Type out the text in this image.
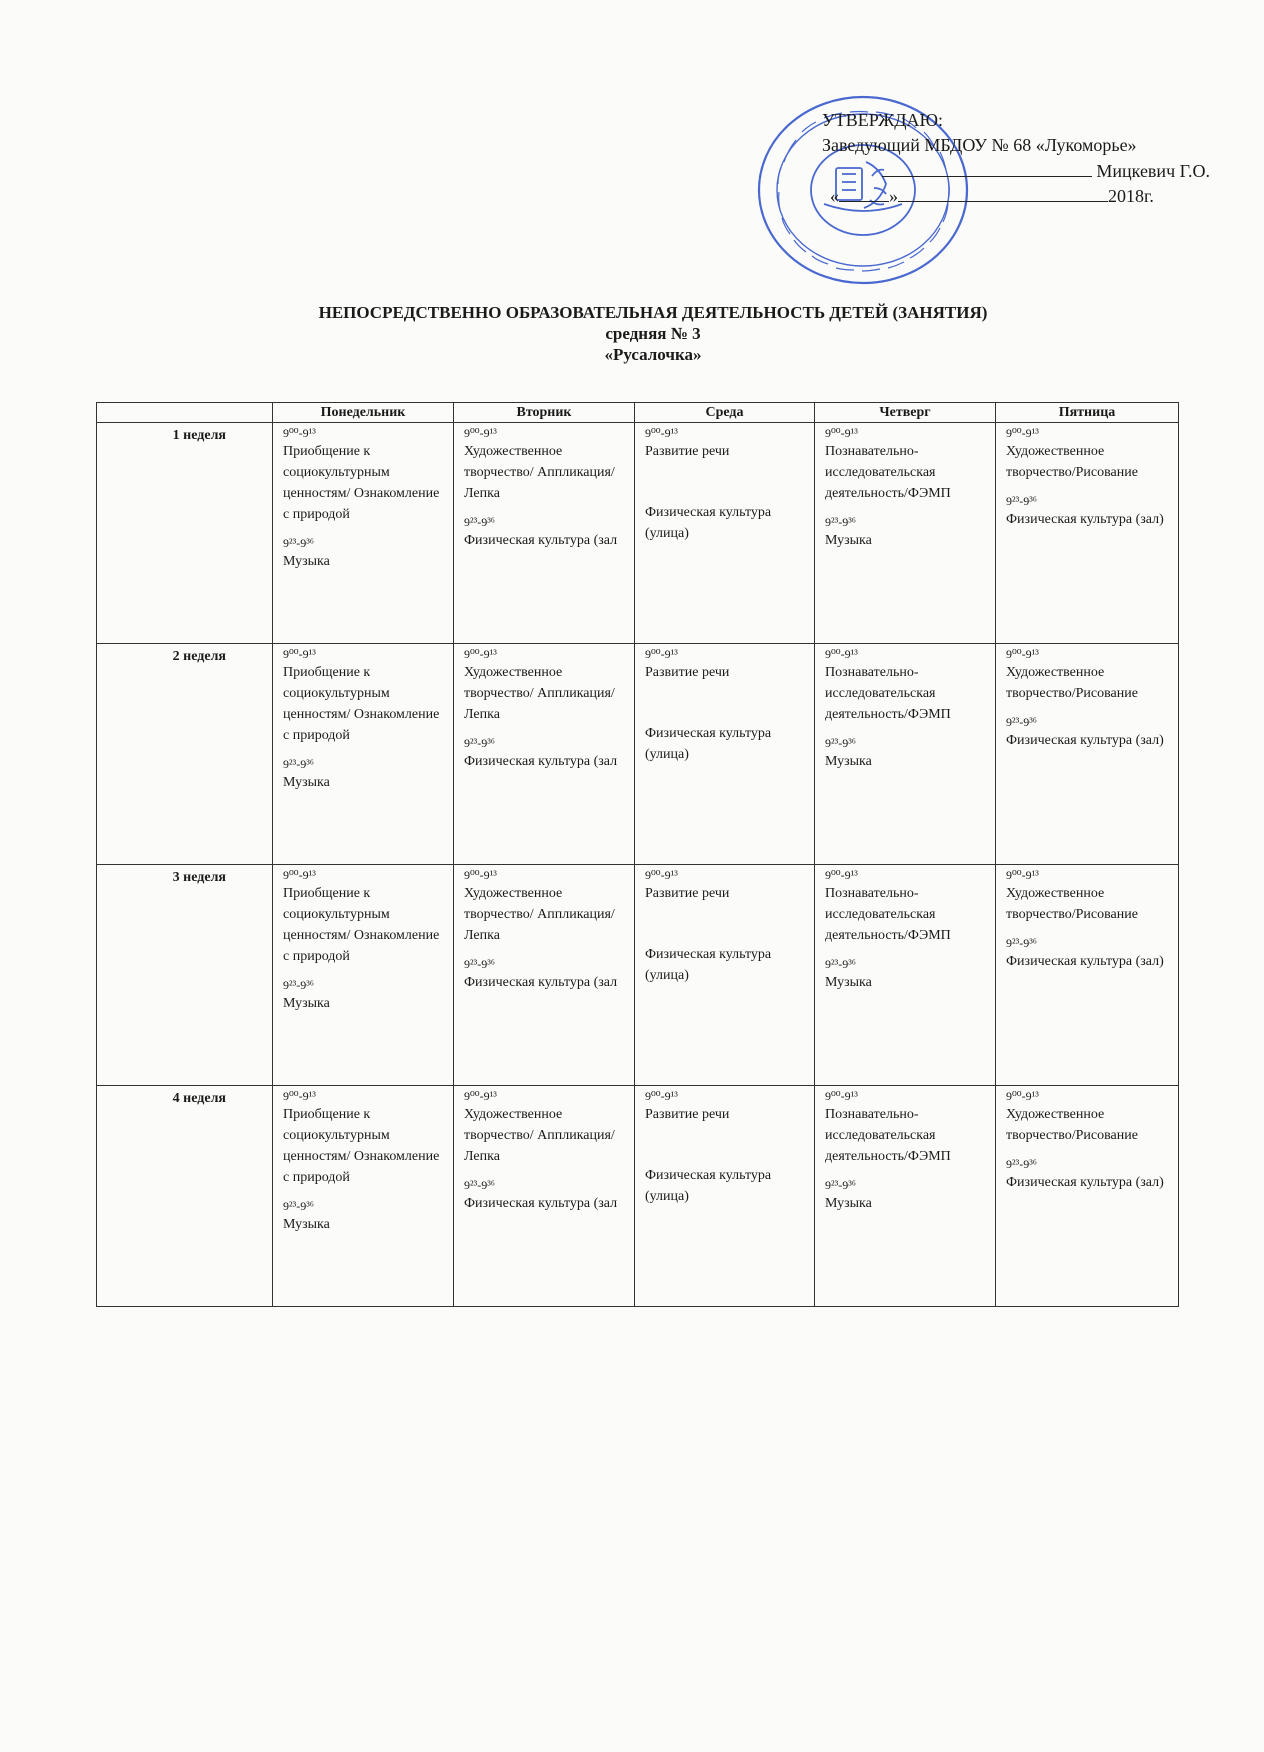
УТВЕРЖДАЮ:
Заведующий МБДОУ № 68 «Лукоморье»
Мицкевич Г.О.
«	»	2018г.
НЕПОСРЕДСТВЕННО ОБРАЗОВАТЕЛЬНАЯ ДЕЯТЕЛЬНОСТЬ ДЕТЕЙ (ЗАНЯТИЯ)
средняя № 3
«Русалочка»
	Понедельник	Вторник	Среда	Четверг	Пятница
1 неделя	9⁰⁰-9¹³
Приобщение к социокультурным ценностям/ Ознакомление с природой
9²³-9³⁶
Музыка	9⁰⁰-9¹³
Художественное творчество/ Аппликация/Лепка
9²³-9³⁶
Физическая культура (зал	9⁰⁰-9¹³
Развитие речи
Физическая культура (улица)	9⁰⁰-9¹³
Познавательно-исследовательская деятельность/ФЭМП
9²³-9³⁶
Музыка	9⁰⁰-9¹³
Художественное творчество/Рисование
9²³-9³⁶
Физическая культура (зал)

2 неделя	9⁰⁰-9¹³
Приобщение к социокультурным ценностям/ Ознакомление с природой
9²³-9³⁶
Музыка	9⁰⁰-9¹³
Художественное творчество/ Аппликация/Лепка
9²³-9³⁶
Физическая культура (зал	9⁰⁰-9¹³
Развитие речи
Физическая культура (улица)	9⁰⁰-9¹³
Познавательно-исследовательская деятельность/ФЭМП
9²³-9³⁶
Музыка	9⁰⁰-9¹³
Художественное творчество/Рисование
9²³-9³⁶
Физическая культура (зал)

3 неделя	9⁰⁰-9¹³
Приобщение к социокультурным ценностям/ Ознакомление с природой
9²³-9³⁶
Музыка	9⁰⁰-9¹³
Художественное творчество/ Аппликация/Лепка
9²³-9³⁶
Физическая культура (зал	9⁰⁰-9¹³
Развитие речи
Физическая культура (улица)	9⁰⁰-9¹³
Познавательно-исследовательская деятельность/ФЭМП
9²³-9³⁶
Музыка	9⁰⁰-9¹³
Художественное творчество/Рисование
9²³-9³⁶
Физическая культура (зал)

4 неделя	9⁰⁰-9¹³
Приобщение к социокультурным ценностям/ Ознакомление с природой
9²³-9³⁶
Музыка	9⁰⁰-9¹³
Художественное творчество/ Аппликация/Лепка
9²³-9³⁶
Физическая культура (зал	9⁰⁰-9¹³
Развитие речи
Физическая культура (улица)	9⁰⁰-9¹³
Познавательно-исследовательская деятельность/ФЭМП
9²³-9³⁶
Музыка	9⁰⁰-9¹³
Художественное творчество/Рисование
9²³-9³⁶
Физическая культура (зал)
